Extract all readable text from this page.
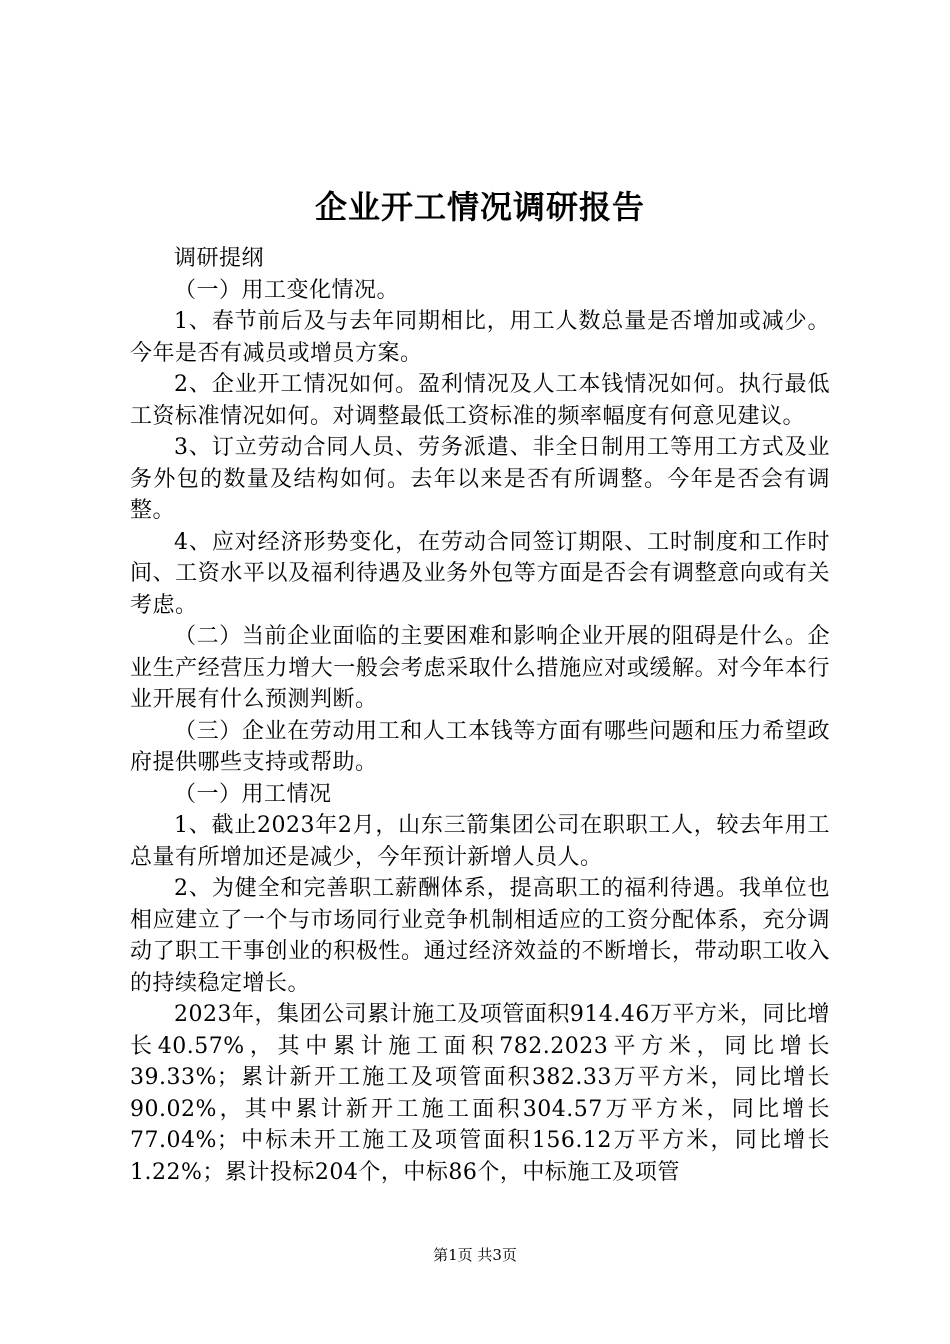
企业开工情况调研报告

调研提纲

（一）用工变化情况。

1、春节前后及与去年同期相比，用工人数总量是否增加或减少。今年是否有减员或增员方案。

2、企业开工情况如何。盈利情况及人工本钱情况如何。执行最低工资标准情况如何。对调整最低工资标准的频率幅度有何意见建议。

3、订立劳动合同人员、劳务派遣、非全日制用工等用工方式及业务外包的数量及结构如何。去年以来是否有所调整。今年是否会有调整。

4、应对经济形势变化，在劳动合同签订期限、工时制度和工作时间、工资水平以及福利待遇及业务外包等方面是否会有调整意向或有关考虑。

（二）当前企业面临的主要困难和影响企业开展的阻碍是什么。企业生产经营压力增大一般会考虑采取什么措施应对或缓解。对今年本行业开展有什么预测判断。

（三）企业在劳动用工和人工本钱等方面有哪些问题和压力希望政府提供哪些支持或帮助。

（一）用工情况

1、截止2023年2月，山东三箭集团公司在职职工人，较去年用工总量有所增加还是减少，今年预计新增人员人。

2、为健全和完善职工薪酬体系，提高职工的福利待遇。我单位也相应建立了一个与市场同行业竞争机制相适应的工资分配体系，充分调动了职工干事创业的积极性。通过经济效益的不断增长，带动职工收入的持续稳定增长。

2023年，集团公司累计施工及项管面积914.46万平方米，同比增长40.57%，其中累计施工面积782.2023平方米，同比增长39.33%；累计新开工施工及项管面积382.33万平方米，同比增长90.02%，其中累计新开工施工面积304.57万平方米，同比增长77.04%；中标未开工施工及项管面积156.12万平方米，同比增长1.22%；累计投标204个，中标86个，中标施工及项管

第1页 共3页
